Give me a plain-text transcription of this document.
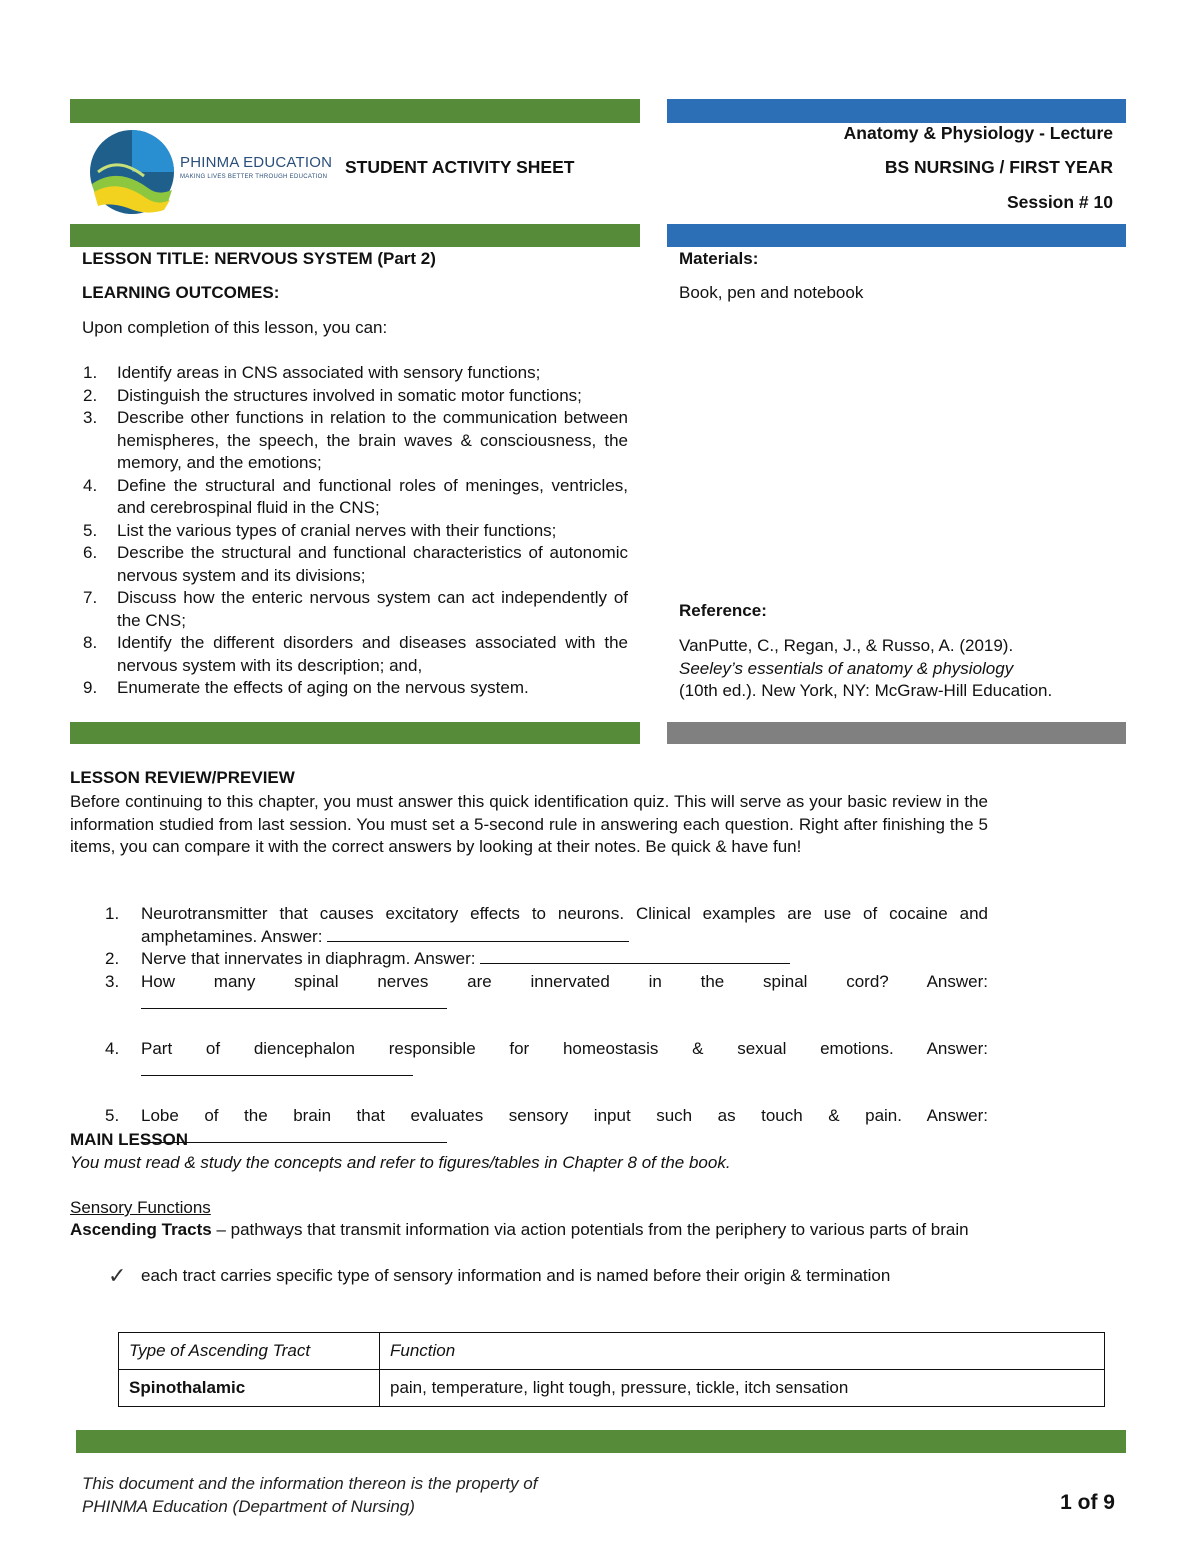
PHINMA EDUCATION
MAKING LIVES BETTER THROUGH EDUCATION STUDENT ACTIVITY SHEET
Anatomy & Physiology - Lecture
BS NURSING / FIRST YEAR
Session # 10
LESSON TITLE: NERVOUS SYSTEM (Part 2)
LEARNING OUTCOMES:
Upon completion of this lesson, you can:
1. Identify areas in CNS associated with sensory functions;
2. Distinguish the structures involved in somatic motor functions;
3. Describe other functions in relation to the communication between hemispheres, the speech, the brain waves & consciousness, the memory, and the emotions;
4. Define the structural and functional roles of meninges, ventricles, and cerebrospinal fluid in the CNS;
5. List the various types of cranial nerves with their functions;
6. Describe the structural and functional characteristics of autonomic nervous system and its divisions;
7. Discuss how the enteric nervous system can act independently of the CNS;
8. Identify the different disorders and diseases associated with the nervous system with its description; and,
9. Enumerate the effects of aging on the nervous system.
Materials:
Book, pen and notebook
Reference:
VanPutte, C., Regan, J., & Russo, A. (2019).
Seeley’s essentials of anatomy & physiology
(10th ed.). New York, NY: McGraw-Hill Education.
LESSON REVIEW/PREVIEW
Before continuing to this chapter, you must answer this quick identification quiz. This will serve as your basic review in the information studied from last session. You must set a 5-second rule in answering each question. Right after finishing the 5 items, you can compare it with the correct answers by looking at their notes. Be quick & have fun!
1. Neurotransmitter that causes excitatory effects to neurons. Clinical examples are use of cocaine and amphetamines. Answer:
2. Nerve that innervates in diaphragm. Answer:
3. How many spinal nerves are innervated in the spinal cord? Answer:

4. Part of diencephalon responsible for homeostasis & sexual emotions. Answer:

5. Lobe of the brain that evaluates sensory input such as touch & pain. Answer:

MAIN LESSON
You must read & study the concepts and refer to figures/tables in Chapter 8 of the book.
Sensory Functions
Ascending Tracts – pathways that transmit information via action potentials from the periphery to various parts of brain
✓ each tract carries specific type of sensory information and is named before their origin & termination
Type of Ascending Tract	Function
Spinothalamic	pain, temperature, light tough, pressure, tickle, itch sensation
This document and the information thereon is the property of
PHINMA Education (Department of Nursing)	1 of 9
